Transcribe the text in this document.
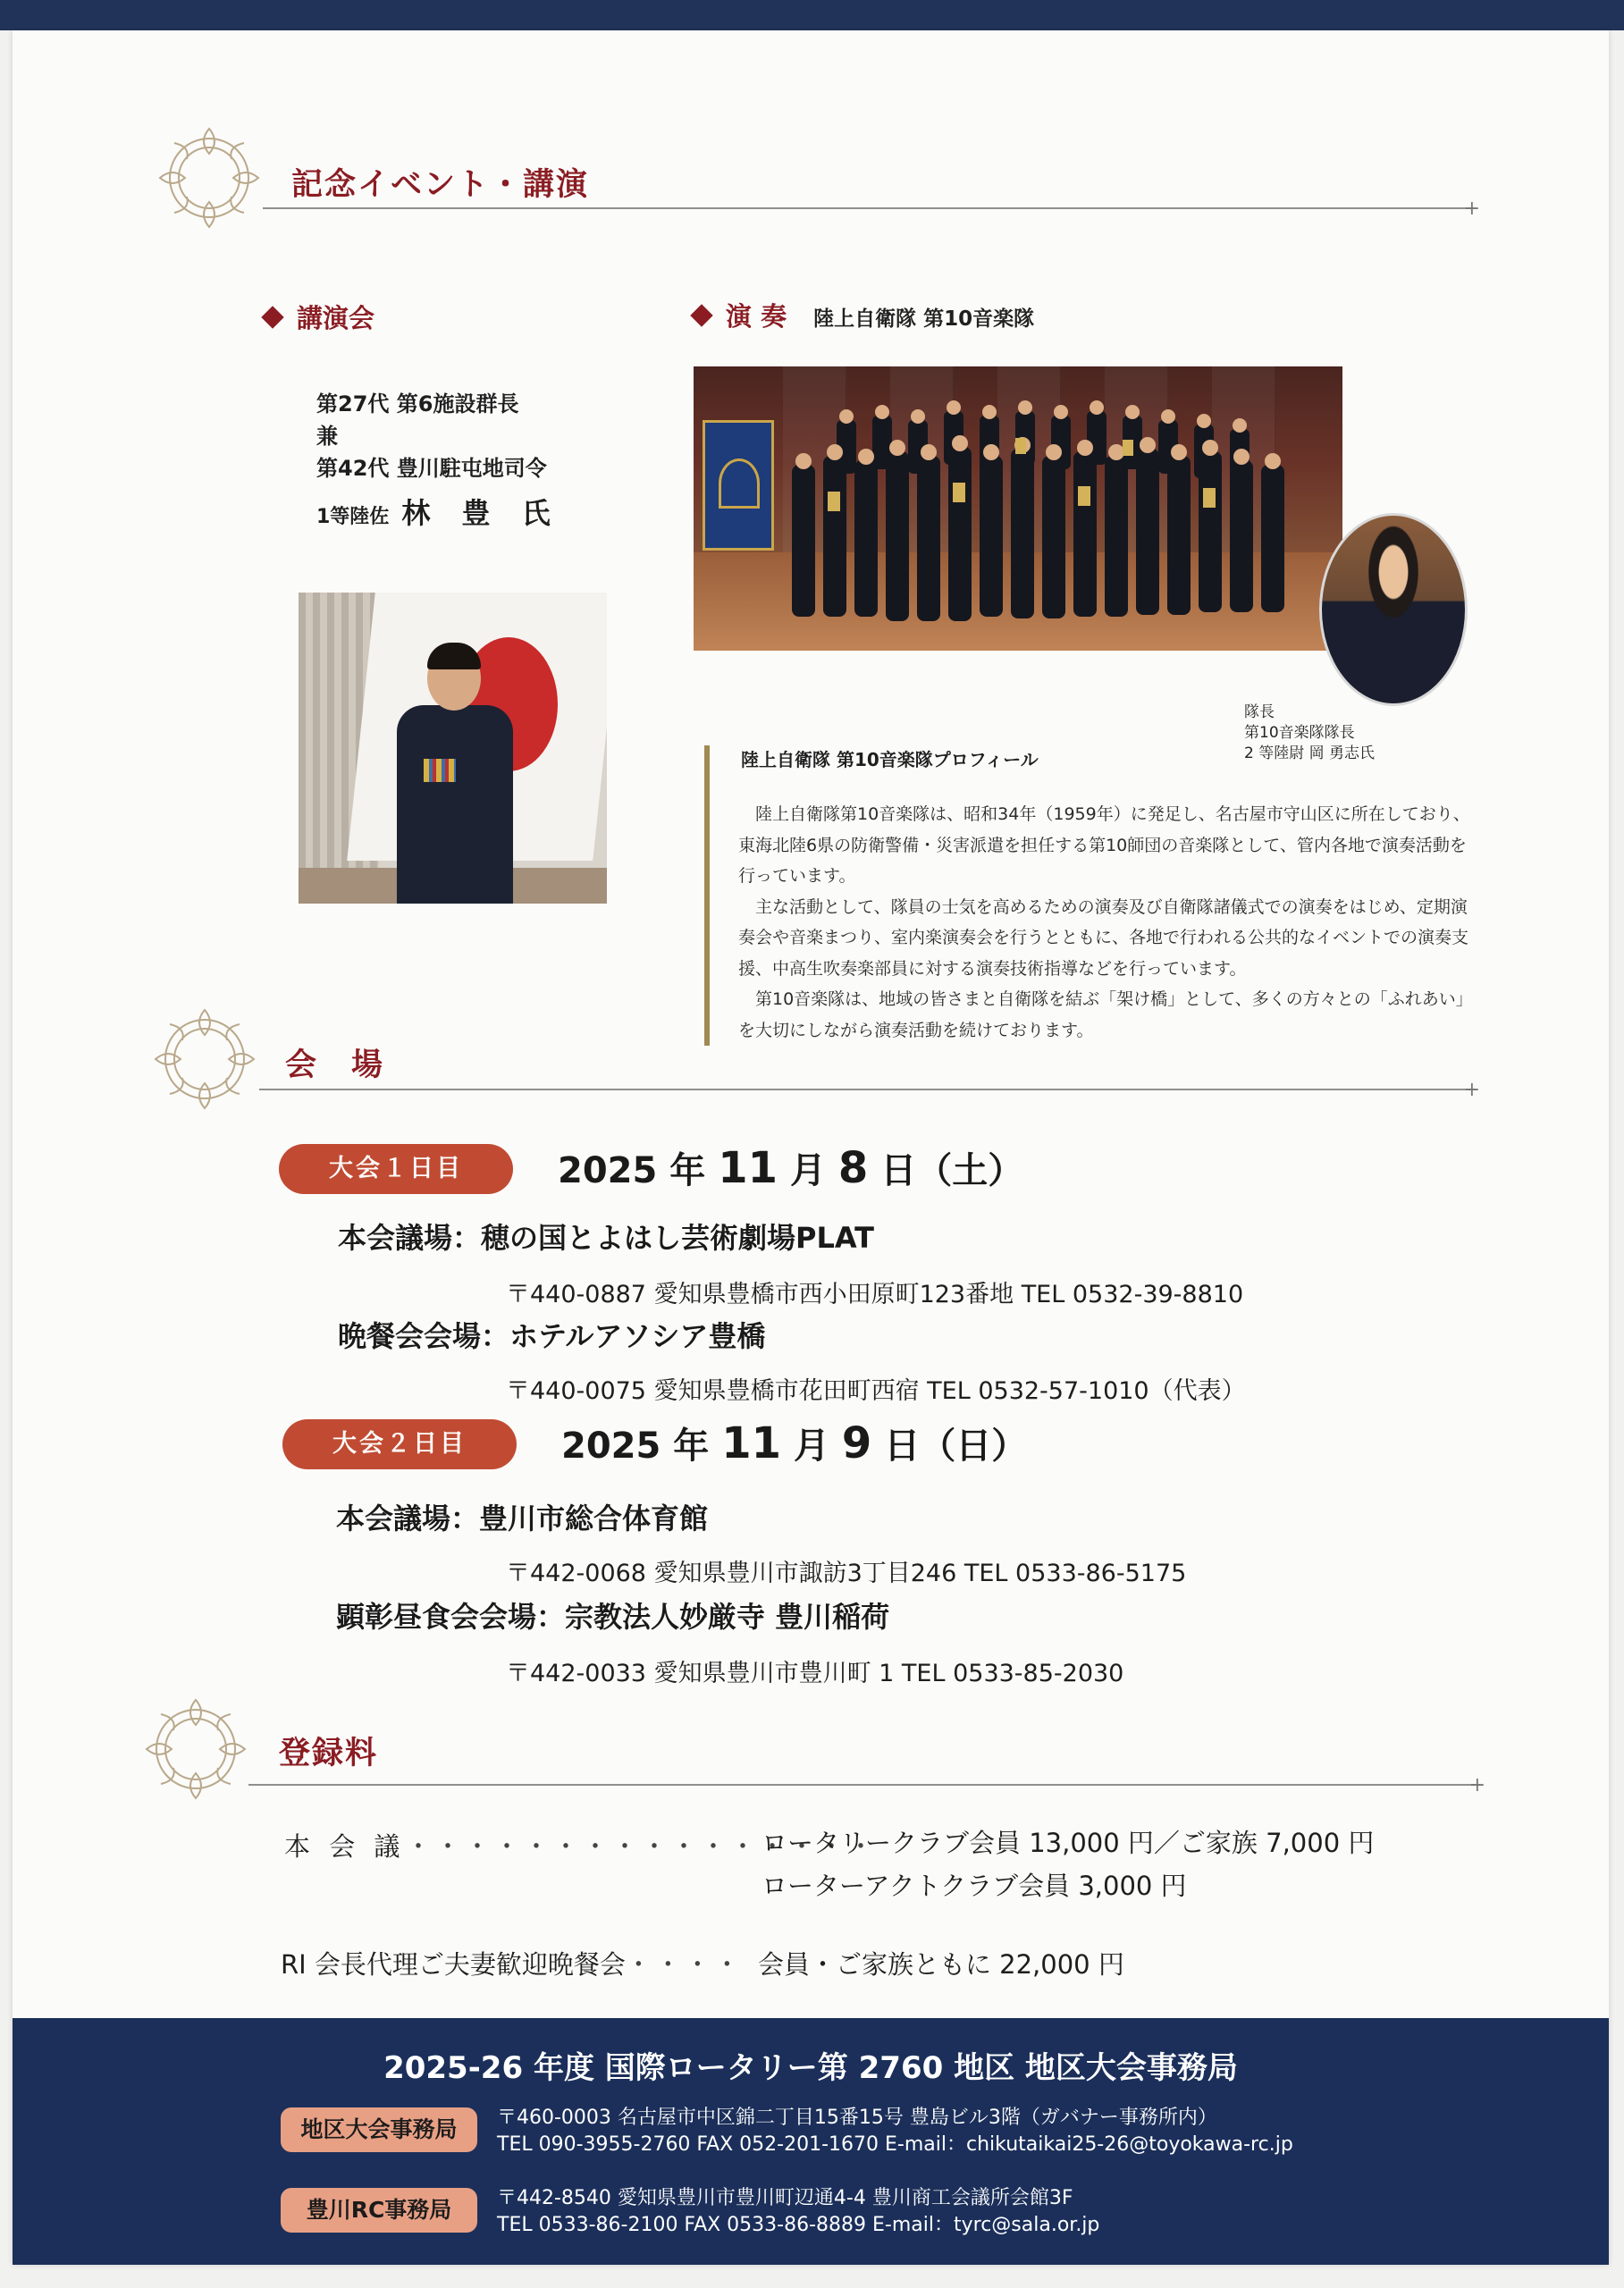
記念イベント・講演
+
講演会
第27代 第6施設群長
兼
第42代 豊川駐屯地司令
1等陸佐 林 豊 氏
演 奏 陸上自衛隊 第10音楽隊
隊長
第10音楽隊隊長
2 等陸尉 岡 勇志氏
陸上自衛隊 第10音楽隊プロフィール

陸上自衛隊第10音楽隊は、昭和34年（1959年）に発足し、名古屋市守山区に所在しており、東海北陸6県の防衛警備・災害派遣を担任する第10師団の音楽隊として、管内各地で演奏活動を行っています。

主な活動として、隊員の士気を高めるための演奏及び自衛隊諸儀式での演奏をはじめ、定期演奏会や音楽まつり、室内楽演奏会を行うとともに、各地で行われる公共的なイベントでの演奏支援、中高生吹奏楽部員に対する演奏技術指導などを行っています。

第10音楽隊は、地域の皆さまと自衛隊を結ぶ「架け橋」として、多くの方々との「ふれあい」を大切にしながら演奏活動を続けております。

会　場
+
大会１日目	2025 年 11 月 8 日（土）
本会議場：穂の国とよはし芸術劇場PLAT
〒440-0887 愛知県豊橋市西小田原町123番地 TEL 0532-39-8810
晩餐会会場：ホテルアソシア豊橋
〒440-0075 愛知県豊橋市花田町西宿 TEL 0532-57-1010（代表）
大会２日目	2025 年 11 月 9 日（日）
本会議場：豊川市総合体育館
〒442-0068 愛知県豊川市諏訪3丁目246 TEL 0533-86-5175
顕彰昼食会会場：宗教法人妙厳寺 豊川稲荷
〒442-0033 愛知県豊川市豊川町 1 TEL 0533-85-2030
登録料
+
本 会 議・・・・・・・・・・・・・・・・
ロータリークラブ会員 13,000 円／ご家族 7,000 円
ローターアクトクラブ会員 3,000 円
RI 会長代理ご夫妻歓迎晩餐会・・・・ 会員・ご家族ともに 22,000 円
2025-26 年度 国際ロータリー第 2760 地区 地区大会事務局
地区大会事務局	〒460-0003 名古屋市中区錦二丁目15番15号 豊島ビル3階（ガバナー事務所内）
TEL 090-3955-2760 FAX 052-201-1670 E-mail：chikutaikai25-26@toyokawa-rc.jp
豊川RC事務局	〒442-8540 愛知県豊川市豊川町辺通4-4 豊川商工会議所会館3F
TEL 0533-86-2100 FAX 0533-86-8889 E-mail：tyrc@sala.or.jp
